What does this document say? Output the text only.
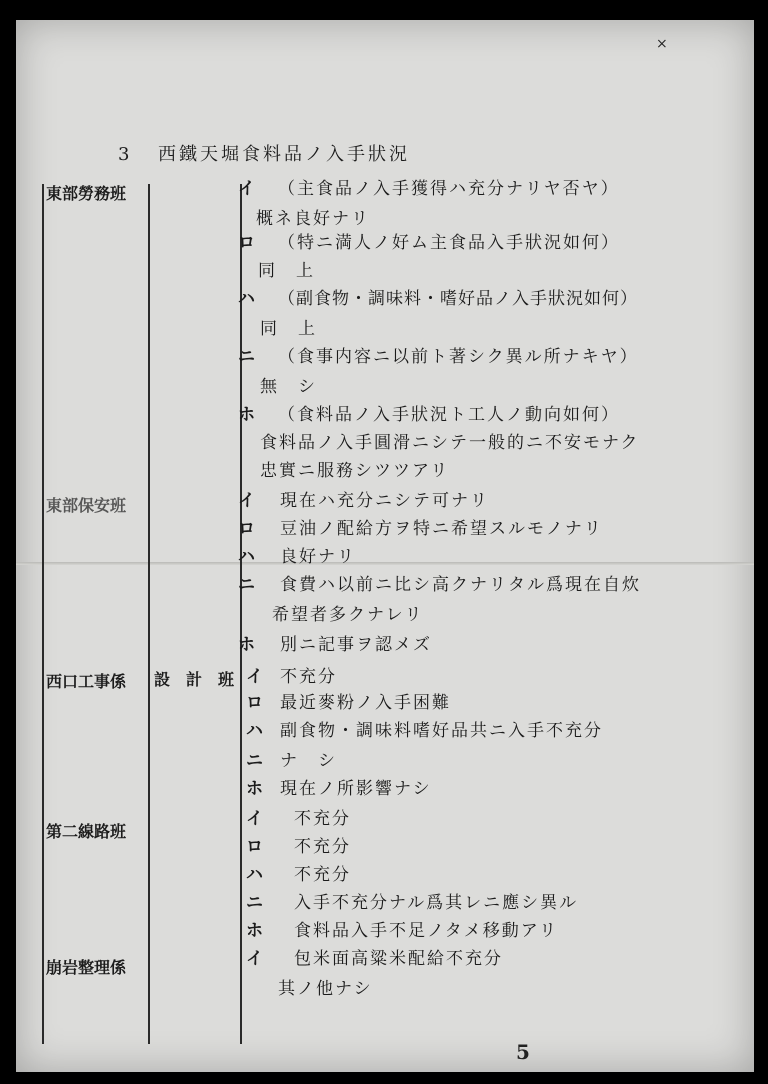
×
3 西鐵天堀食料品ノ入手狀況
東部勞務班
東部保安班
西口工事係 設　計　班
第二線路班
崩岩整理係
イ （主食品ノ入手獲得ハ充分ナリヤ否ヤ）
概ネ良好ナリ
ロ （特ニ満人ノ好ム主食品入手狀況如何）
同　上
ハ （副食物・調味料・嗜好品ノ入手狀況如何）
同　上
ニ （食事内容ニ以前ト著シク異ル所ナキヤ）
無　シ
ホ （食料品ノ入手狀況ト工人ノ動向如何）
食料品ノ入手圓滑ニシテ一般的ニ不安モナク
忠實ニ服務シツツアリ
イ 現在ハ充分ニシテ可ナリ
ロ 豆油ノ配給方ヲ特ニ希望スルモノナリ
ハ 良好ナリ
ニ 食費ハ以前ニ比シ高クナリタル爲現在自炊
希望者多クナレリ
ホ 別ニ記事ヲ認メズ
イ 不充分
ロ 最近麥粉ノ入手困難
ハ 副食物・調味料嗜好品共ニ入手不充分
ニ ナ　シ
ホ 現在ノ所影響ナシ
イ 不充分
ロ 不充分
ハ 不充分
ニ 入手不充分ナル爲其レニ應シ異ル
ホ 食料品入手不足ノタメ移動アリ
イ 包米面高粱米配給不充分
其ノ他ナシ
5
